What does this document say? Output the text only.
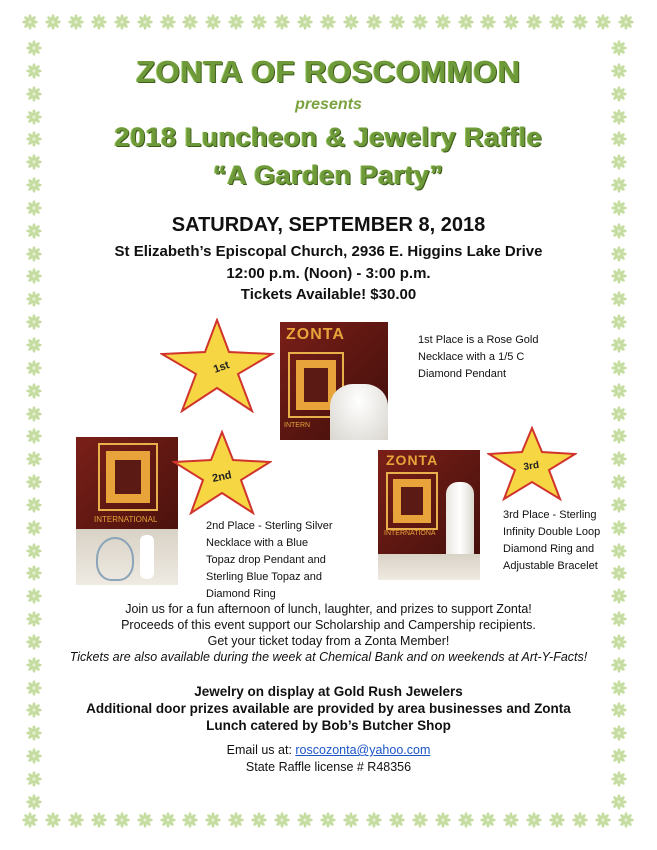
ZONTA OF ROSCOMMON
presents
2018 Luncheon & Jewelry Raffle
“A Garden Party”
SATURDAY, SEPTEMBER 8, 2018
St Elizabeth’s Episcopal Church, 2936 E. Higgins Lake Drive
12:00 p.m. (Noon) - 3:00 p.m.
Tickets Available! $30.00
1st
ZONTA
INTERN
1st Place is a Rose Gold
Necklace with a 1/5 C
Diamond Pendant
INTERNATIONAL
2nd
2nd Place - Sterling Silver
Necklace with a Blue
Topaz drop Pendant and
Sterling Blue Topaz and
Diamond Ring
ZONTA
INTERNATIONA
3rd
3rd Place - Sterling
Infinity Double Loop
Diamond Ring and
Adjustable Bracelet
Join us for a fun afternoon of lunch, laughter, and prizes to support Zonta!
Proceeds of this event support our Scholarship and Campership recipients.
Get your ticket today from a Zonta Member!
Tickets are also available during the week at Chemical Bank and on weekends at Art-Y-Facts!
Jewelry on display at Gold Rush Jewelers
Additional door prizes available are provided by area businesses and Zonta
Lunch catered by Bob’s Butcher Shop
Email us at: roscozonta@yahoo.com
State Raffle license # R48356
